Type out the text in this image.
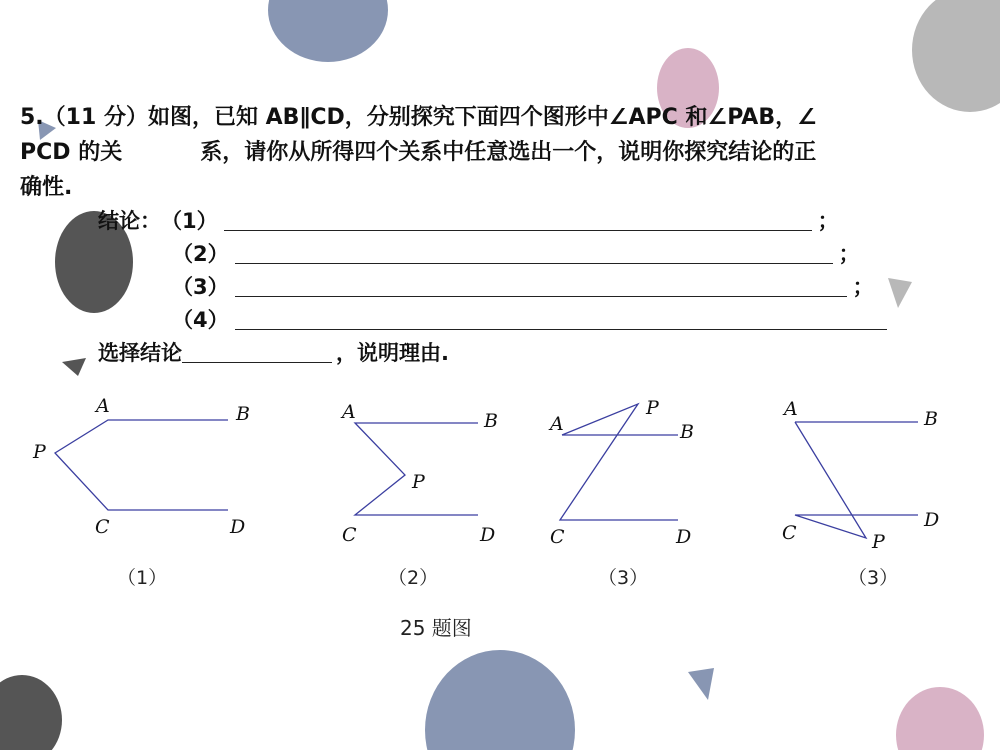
5.（11 分）如图，已知 AB∥CD，分别探究下面四个图形中∠APC 和∠PAB，∠
PCD 的关	系，请你从所得四个关系中任意选出一个，说明你探究结论的正
确性.
结论： （1）	；
（2）	；
（3）	；
（4）
选择结论	，说明理由.
A	B
P
C	D
A	B
P
C	D
A
P
B
C	D
A	B
C
D
P
（1）	（2）	（3）	（3）
25 题图
